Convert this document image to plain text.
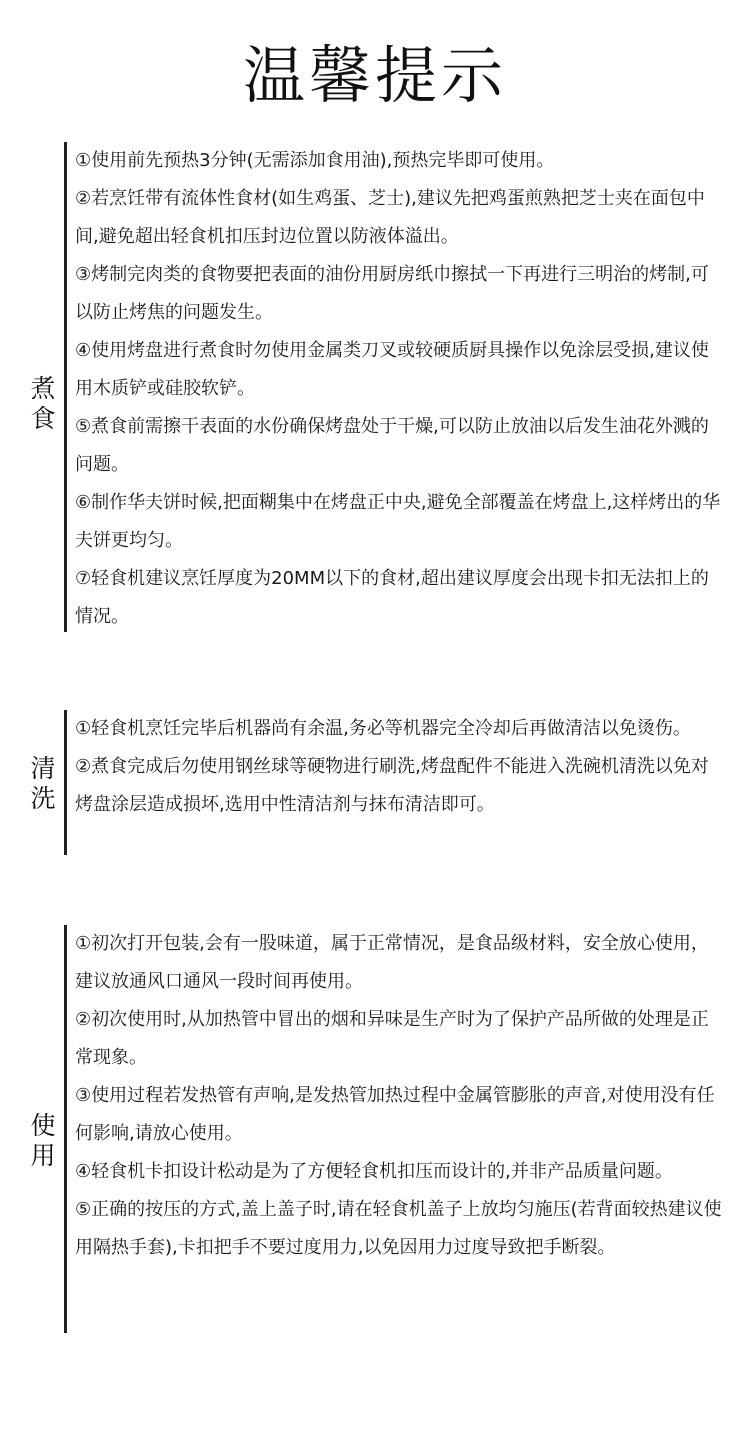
温馨提示
煮
食

①使用前先预热3分钟(无需添加食用油),预热完毕即可使用。

②若烹饪带有流体性食材(如生鸡蛋、芝士),建议先把鸡蛋煎熟把芝士夹在面包中间,避免超出轻食机扣压封边位置以防液体溢出。

③烤制完肉类的食物要把表面的油份用厨房纸巾擦拭一下再进行三明治的烤制,可以防止烤焦的问题发生。

④使用烤盘进行煮食时勿使用金属类刀叉或较硬质厨具操作以免涂层受损,建议使用木质铲或硅胶软铲。

⑤煮食前需擦干表面的水份确保烤盘处于干燥,可以防止放油以后发生油花外溅的问题。

⑥制作华夫饼时候,把面糊集中在烤盘正中央,避免全部覆盖在烤盘上,这样烤出的华夫饼更均匀。

⑦轻食机建议烹饪厚度为20MM以下的食材,超出建议厚度会出现卡扣无法扣上的情况。

清
洗

①轻食机烹饪完毕后机器尚有余温,务必等机器完全冷却后再做清洁以免烫伤。

②煮食完成后勿使用钢丝球等硬物进行刷洗,烤盘配件不能进入洗碗机清洗以免对烤盘涂层造成损坏,选用中性清洁剂与抹布清洁即可。

使
用

①初次打开包装,会有一股味道，属于正常情况，是食品级材料，安全放心使用，建议放通风口通风一段时间再使用。

②初次使用时,从加热管中冒出的烟和异味是生产时为了保护产品所做的处理是正常现象。

③使用过程若发热管有声响,是发热管加热过程中金属管膨胀的声音,对使用没有任何影响,请放心使用。

④轻食机卡扣设计松动是为了方便轻食机扣压而设计的,并非产品质量问题。

⑤正确的按压的方式,盖上盖子时,请在轻食机盖子上放均匀施压(若背面较热建议使用隔热手套),卡扣把手不要过度用力,以免因用力过度导致把手断裂。
